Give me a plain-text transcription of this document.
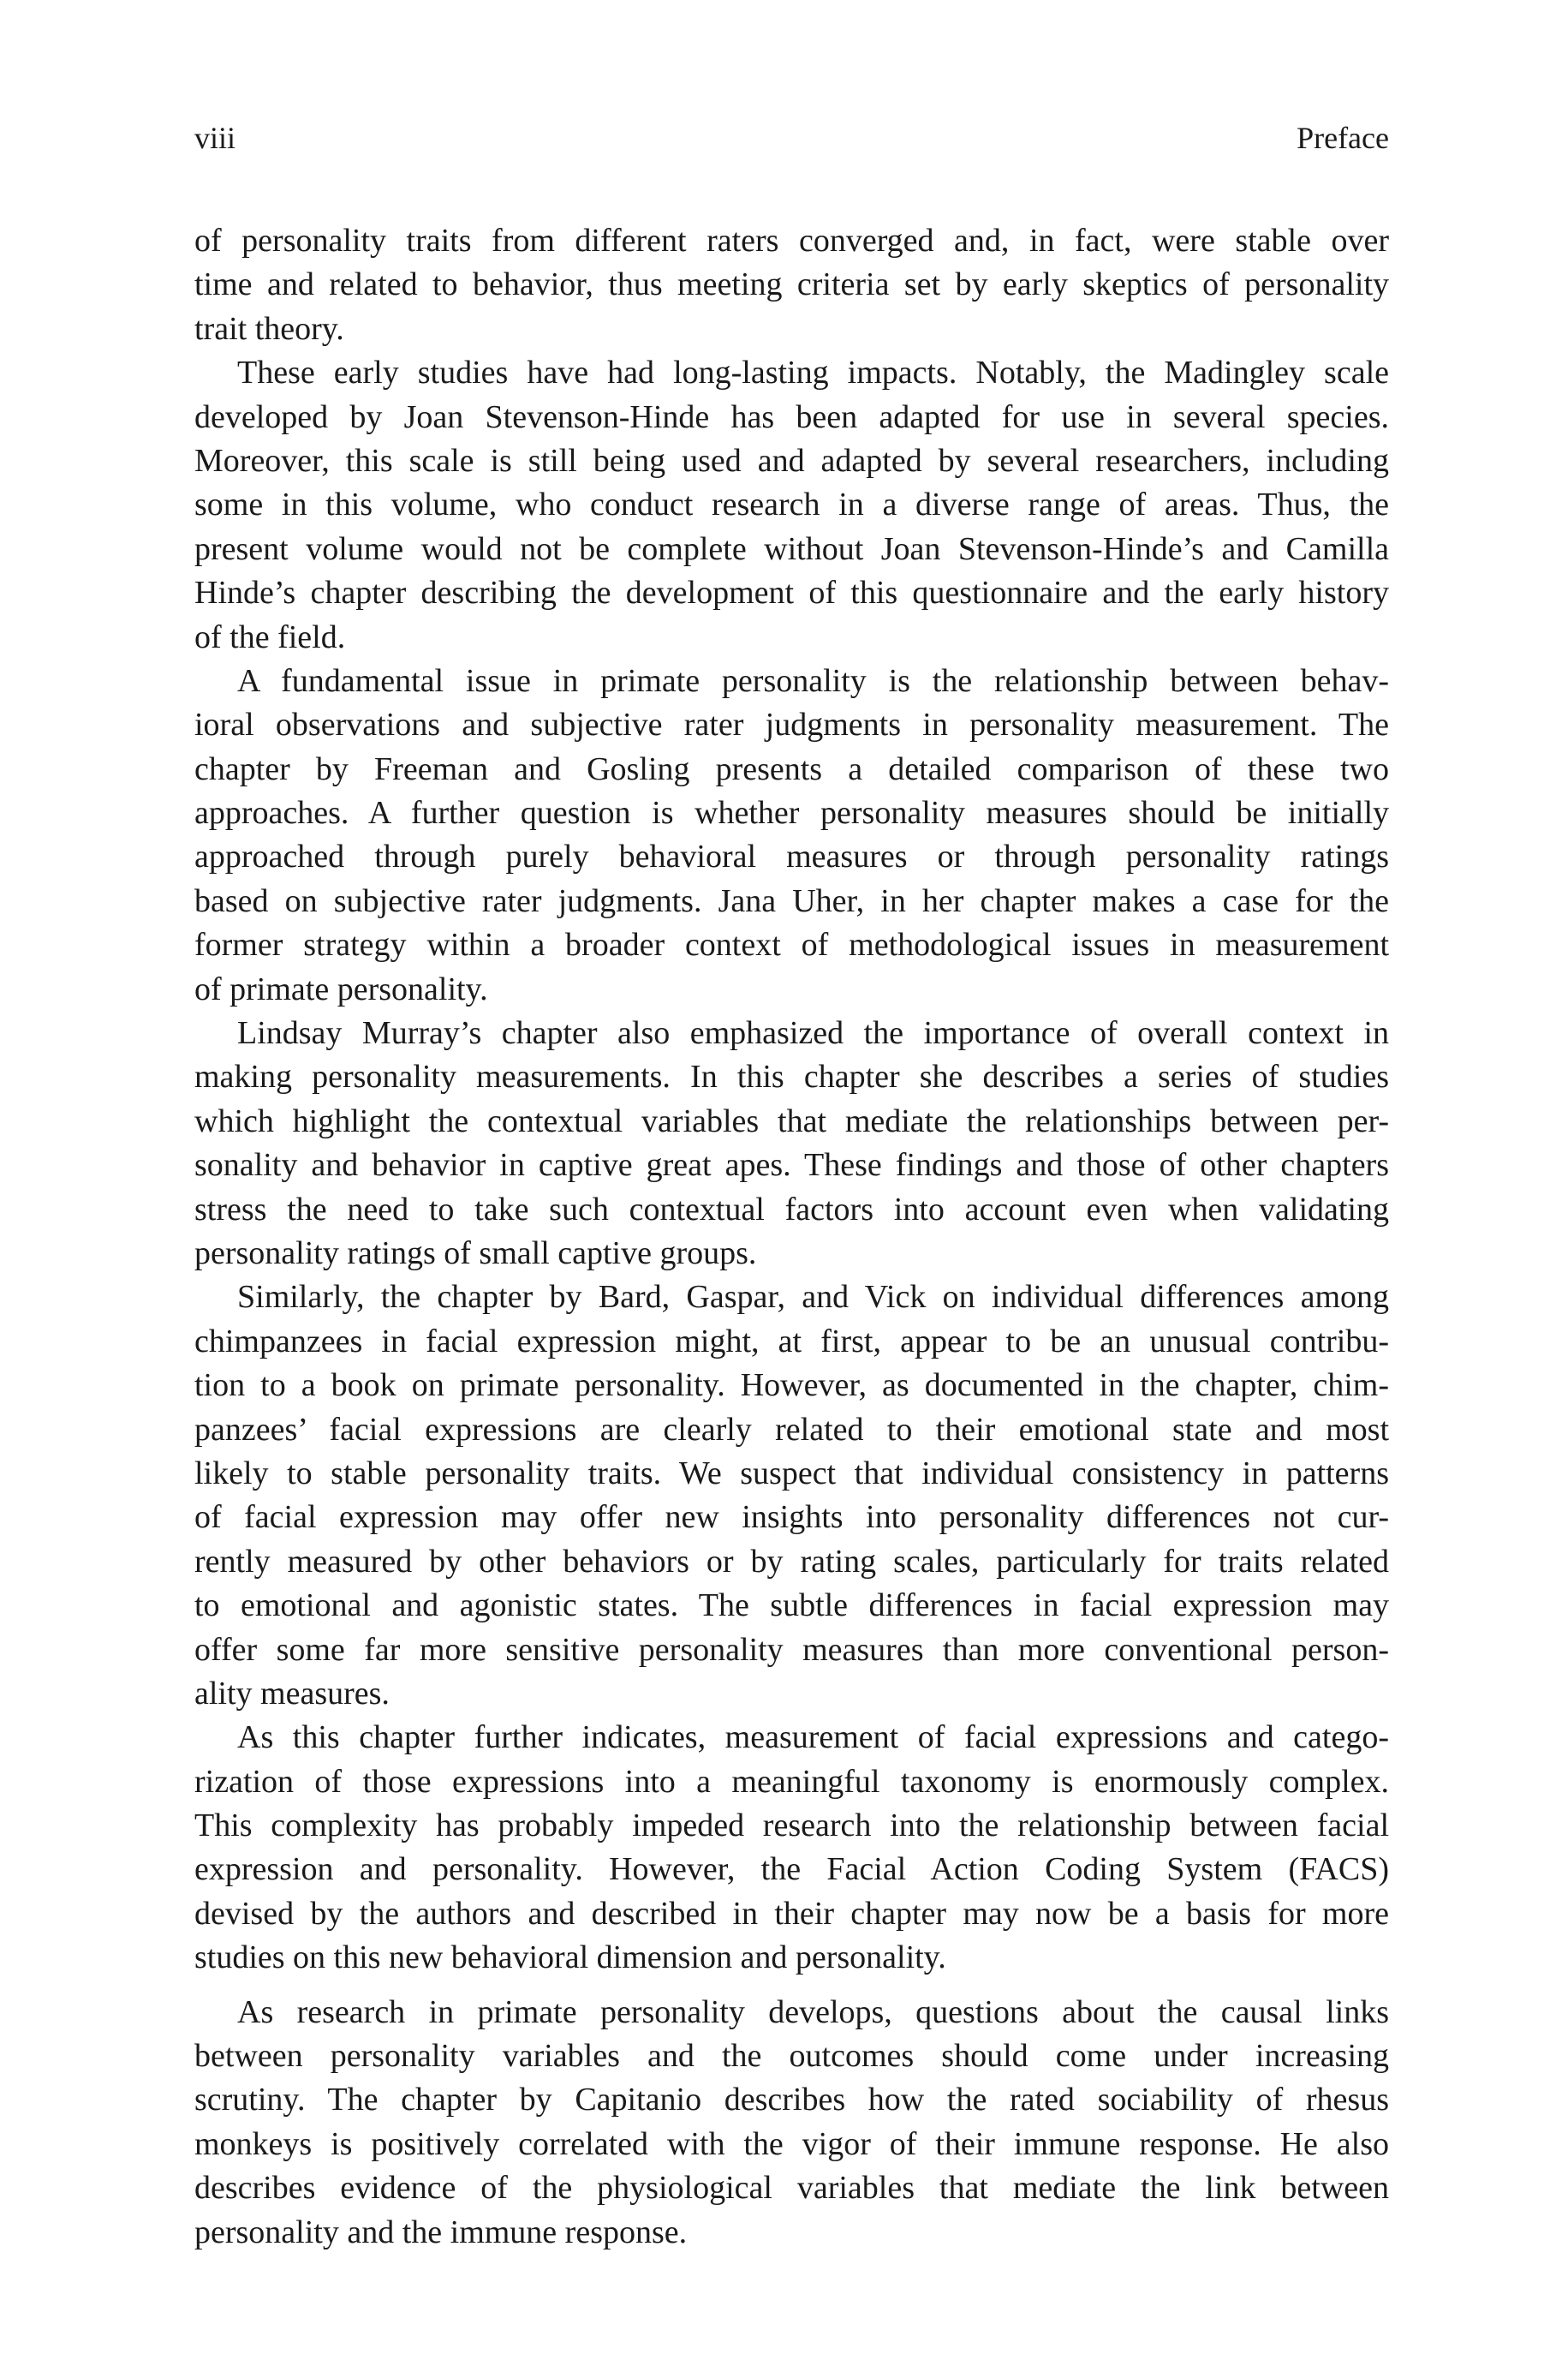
viii	Preface
of personality traits from different raters converged and, in fact, were stable over
time and related to behavior, thus meeting criteria set by early skeptics of personality
trait theory.
These early studies have had long-lasting impacts. Notably, the Madingley scale
developed by Joan Stevenson-Hinde has been adapted for use in several species.
Moreover, this scale is still being used and adapted by several researchers, including
some in this volume, who conduct research in a diverse range of areas. Thus, the
present volume would not be complete without Joan Stevenson-Hinde’s and Camilla
Hinde’s chapter describing the development of this questionnaire and the early history
of the field.
A fundamental issue in primate personality is the relationship between behav-
ioral observations and subjective rater judgments in personality measurement. The
chapter by Freeman and Gosling presents a detailed comparison of these two
approaches. A further question is whether personality measures should be initially
approached through purely behavioral measures or through personality ratings
based on subjective rater judgments. Jana Uher, in her chapter makes a case for the
former strategy within a broader context of methodological issues in measurement
of primate personality.
Lindsay Murray’s chapter also emphasized the importance of overall context in
making personality measurements. In this chapter she describes a series of studies
which highlight the contextual variables that mediate the relationships between per-
sonality and behavior in captive great apes. These findings and those of other chapters
stress the need to take such contextual factors into account even when validating
personality ratings of small captive groups.
Similarly, the chapter by Bard, Gaspar, and Vick on individual differences among
chimpanzees in facial expression might, at first, appear to be an unusual contribu-
tion to a book on primate personality. However, as documented in the chapter, chim-
panzees’ facial expressions are clearly related to their emotional state and most
likely to stable personality traits. We suspect that individual consistency in patterns
of facial expression may offer new insights into personality differences not cur-
rently measured by other behaviors or by rating scales, particularly for traits related
to emotional and agonistic states. The subtle differences in facial expression may
offer some far more sensitive personality measures than more conventional person-
ality measures.
As this chapter further indicates, measurement of facial expressions and catego-
rization of those expressions into a meaningful taxonomy is enormously complex.
This complexity has probably impeded research into the relationship between facial
expression and personality. However, the Facial Action Coding System (FACS)
devised by the authors and described in their chapter may now be a basis for more
studies on this new behavioral dimension and personality.
As research in primate personality develops, questions about the causal links
between personality variables and the outcomes should come under increasing
scrutiny. The chapter by Capitanio describes how the rated sociability of rhesus
monkeys is positively correlated with the vigor of their immune response. He also
describes evidence of the physiological variables that mediate the link between
personality and the immune response.
